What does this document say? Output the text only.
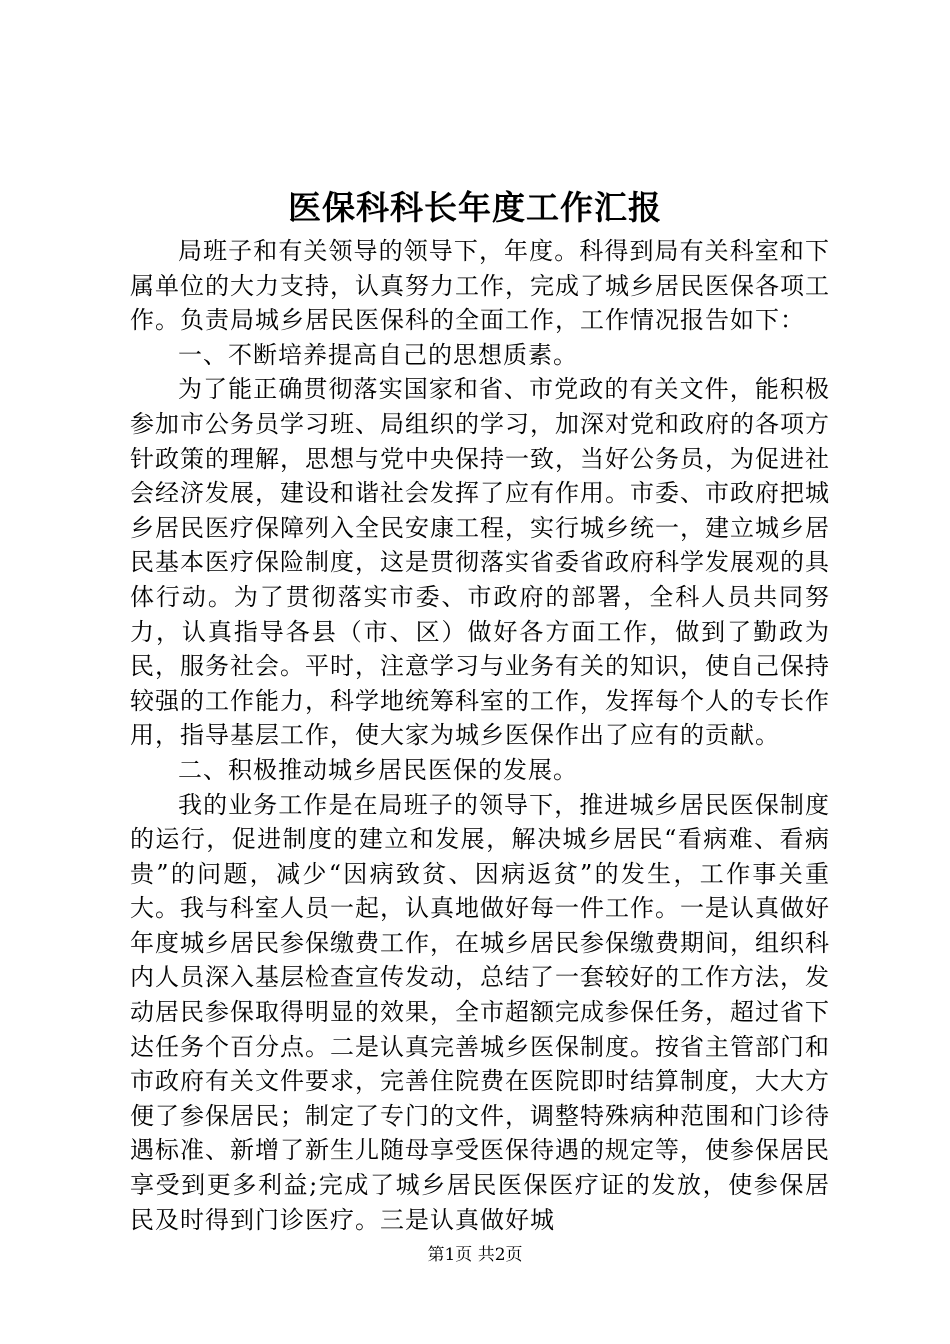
医保科科长年度工作汇报

局班子和有关领导的领导下，年度。科得到局有关科室和下属单位的大力支持，认真努力工作，完成了城乡居民医保各项工作。负责局城乡居民医保科的全面工作，工作情况报告如下：

一、不断培养提高自己的思想质素。

为了能正确贯彻落实国家和省、市党政的有关文件，能积极参加市公务员学习班、局组织的学习，加深对党和政府的各项方针政策的理解，思想与党中央保持一致，当好公务员，为促进社会经济发展，建设和谐社会发挥了应有作用。市委、市政府把城乡居民医疗保障列入全民安康工程，实行城乡统一，建立城乡居民基本医疗保险制度，这是贯彻落实省委省政府科学发展观的具体行动。为了贯彻落实市委、市政府的部署，全科人员共同努力，认真指导各县（市、区）做好各方面工作，做到了勤政为民，服务社会。平时，注意学习与业务有关的知识，使自己保持较强的工作能力，科学地统筹科室的工作，发挥每个人的专长作用，指导基层工作，使大家为城乡医保作出了应有的贡献。

二、积极推动城乡居民医保的发展。

我的业务工作是在局班子的领导下，推进城乡居民医保制度的运行，促进制度的建立和发展，解决城乡居民“看病难、看病贵”的问题，减少“因病致贫、因病返贫”的发生，工作事关重大。我与科室人员一起，认真地做好每一件工作。一是认真做好年度城乡居民参保缴费工作，在城乡居民参保缴费期间，组织科内人员深入基层检查宣传发动，总结了一套较好的工作方法，发动居民参保取得明显的效果，全市超额完成参保任务，超过省下达任务个百分点。二是认真完善城乡医保制度。按省主管部门和市政府有关文件要求，完善住院费在医院即时结算制度，大大方便了参保居民；制定了专门的文件，调整特殊病种范围和门诊待遇标准、新增了新生儿随母享受医保待遇的规定等，使参保居民享受到更多利益;完成了城乡居民医保医疗证的发放，使参保居民及时得到门诊医疗。三是认真做好城

第1页 共2页
